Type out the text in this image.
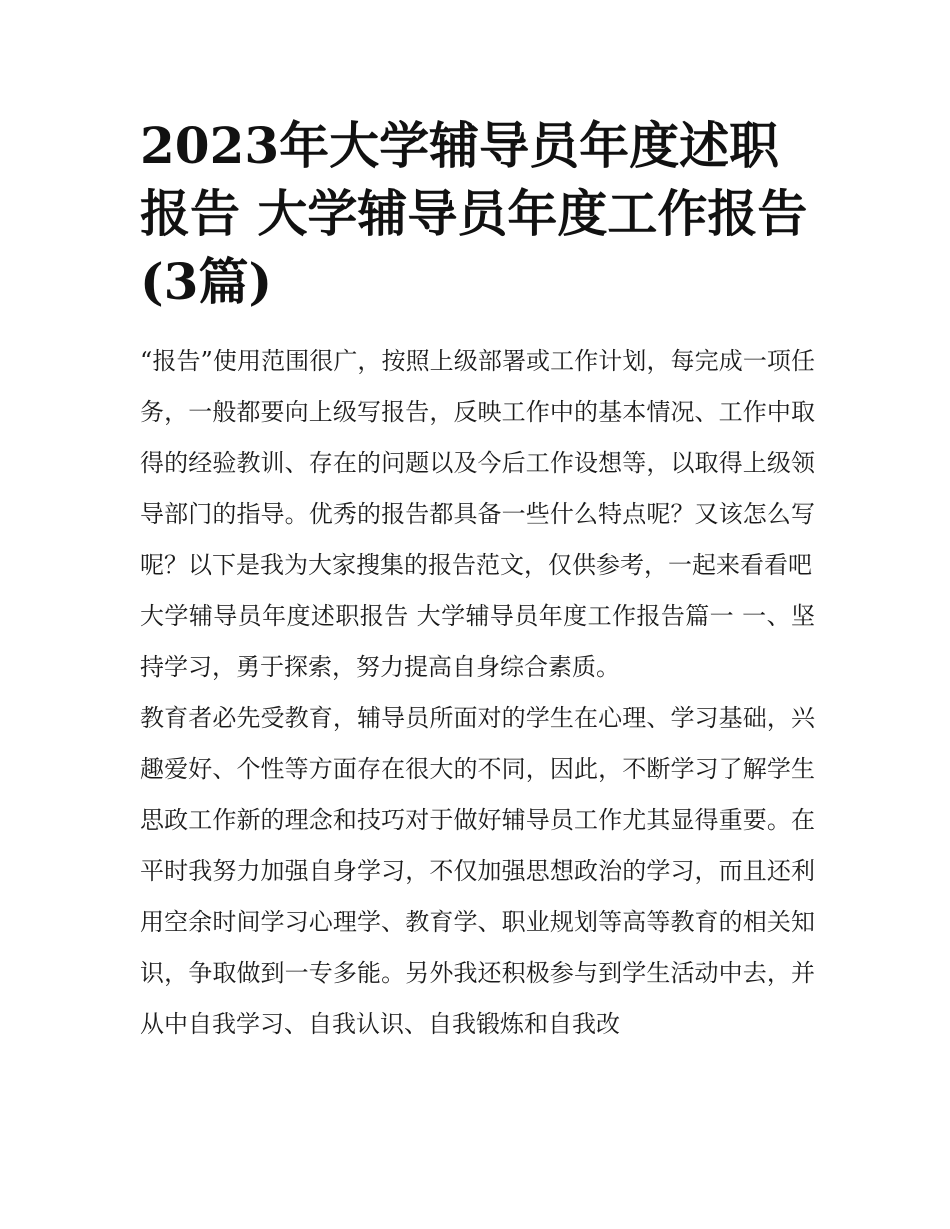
2023年大学辅导员年度述职报告 大学辅导员年度工作报告(3篇)

“报告”使用范围很广，按照上级部署或工作计划，每完成一项任务，一般都要向上级写报告，反映工作中的基本情况、工作中取得的经验教训、存在的问题以及今后工作设想等，以取得上级领导部门的指导。优秀的报告都具备一些什么特点呢？又该怎么写呢？以下是我为大家搜集的报告范文，仅供参考，一起来看看吧

大学辅导员年度述职报告 大学辅导员年度工作报告篇一 一、坚持学习，勇于探索，努力提高自身综合素质。

教育者必先受教育，辅导员所面对的学生在心理、学习基础，兴趣爱好、个性等方面存在很大的不同，因此，不断学习了解学生思政工作新的理念和技巧对于做好辅导员工作尤其显得重要。在平时我努力加强自身学习，不仅加强思想政治的学习，而且还利用空余时间学习心理学、教育学、职业规划等高等教育的相关知识，争取做到一专多能。另外我还积极参与到学生活动中去，并从中自我学习、自我认识、自我锻炼和自我改
